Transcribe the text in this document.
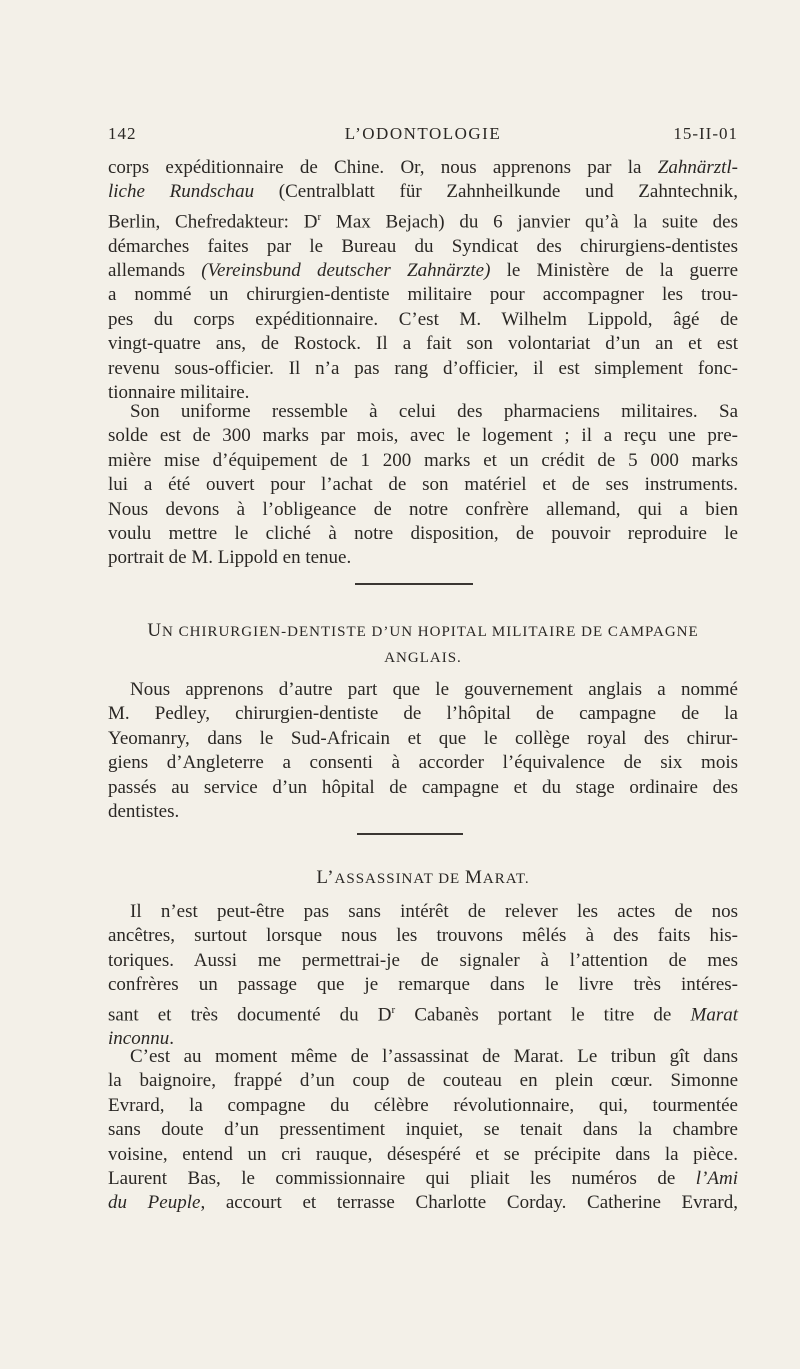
142	L’ODONTOLOGIE	15-II-01

corps expéditionnaire de Chine. Or, nous apprenons par la Zahnärztl-

liche Rundschau (Centralblatt für Zahnheilkunde und Zahntechnik,

Berlin, Chefredakteur: $D^r$ Max Bejach) du 6 janvier qu’à la suite des

démarches faites par le Bureau du Syndicat des chirurgiens-dentistes

allemands (Vereinsbund deutscher Zahnärzte) le Ministère de la guerre

a nommé un chirurgien-dentiste militaire pour accompagner les trou-

pes du corps expéditionnaire. C’est M. Wilhelm Lippold, âgé de

vingt-quatre ans, de Rostock. Il a fait son volontariat d’un an et est

revenu sous-officier. Il n’a pas rang d’officier, il est simplement fonc-

tionnaire militaire.

Son uniforme ressemble à celui des pharmaciens militaires. Sa

solde est de 300 marks par mois, avec le logement ; il a reçu une pre-

mière mise d’équipement de 1 200 marks et un crédit de 5 000 marks

lui a été ouvert pour l’achat de son matériel et de ses instruments.

Nous devons à l’obligeance de notre confrère allemand, qui a bien

voulu mettre le cliché à notre disposition, de pouvoir reproduire le

portrait de M. Lippold en tenue.

UN CHIRURGIEN-DENTISTE D’UN HOPITAL MILITAIRE DE CAMPAGNE
ANGLAIS.

Nous apprenons d’autre part que le gouvernement anglais a nommé

M. Pedley, chirurgien-dentiste de l’hôpital de campagne de la

Yeomanry, dans le Sud-Africain et que le collège royal des chirur-

giens d’Angleterre a consenti à accorder l’équivalence de six mois

passés au service d’un hôpital de campagne et du stage ordinaire des

dentistes.

L’ASSASSINAT DE MARAT.

Il n’est peut-être pas sans intérêt de relever les actes de nos

ancêtres, surtout lorsque nous les trouvons mêlés à des faits his-

toriques. Aussi me permettrai-je de signaler à l’attention de mes

confrères un passage que je remarque dans le livre très intéres-

sant et très documenté du $D^r$ Cabanès portant le titre de Marat

inconnu.

C’est au moment même de l’assassinat de Marat. Le tribun gît dans

la baignoire, frappé d’un coup de couteau en plein cœur. Simonne

Evrard, la compagne du célèbre révolutionnaire, qui, tourmentée

sans doute d’un pressentiment inquiet, se tenait dans la chambre

voisine, entend un cri rauque, désespéré et se précipite dans la pièce.

Laurent Bas, le commissionnaire qui pliait les numéros de l’Ami

du Peuple, accourt et terrasse Charlotte Corday. Catherine Evrard,
